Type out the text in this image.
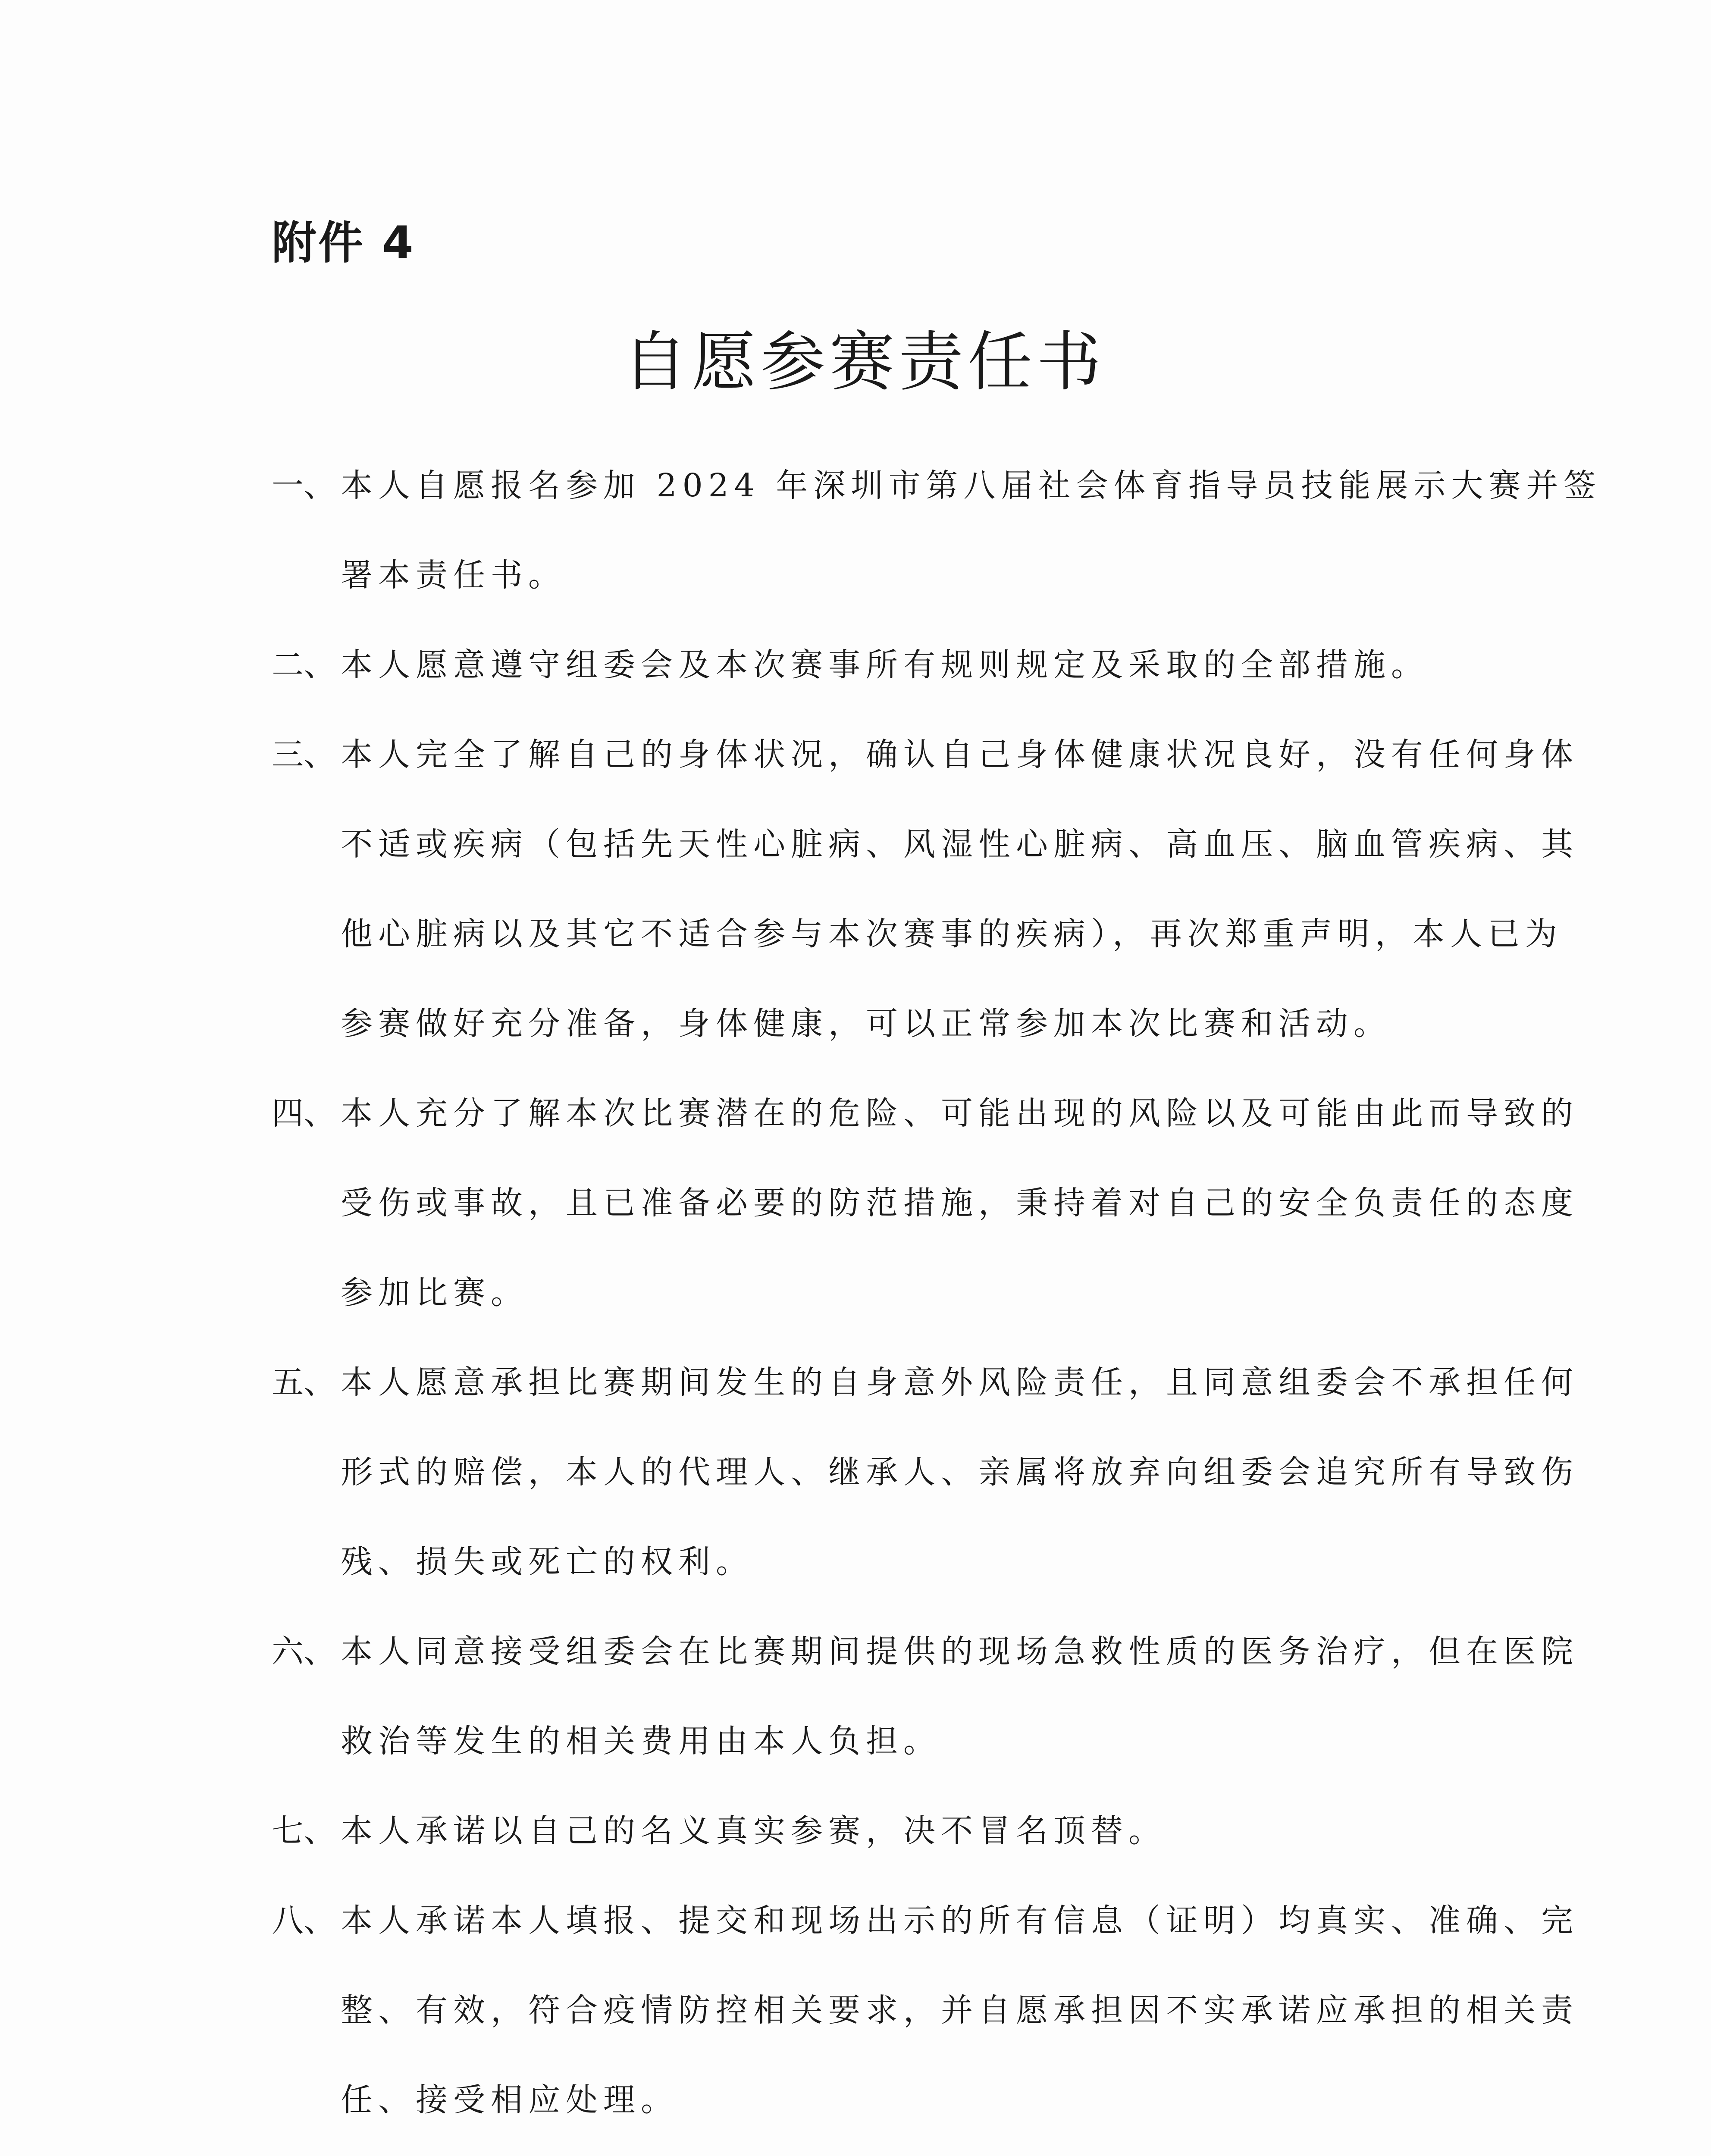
附件 4
自愿参赛责任书
一、 本人自愿报名参加 2024 年深圳市第八届社会体育指导员技能展示大赛并签
署本责任书。
二、 本人愿意遵守组委会及本次赛事所有规则规定及采取的全部措施。
三、 本人完全了解自己的身体状况，确认自己身体健康状况良好，没有任何身体
不适或疾病（包括先天性心脏病、风湿性心脏病、高血压、脑血管疾病、其
他心脏病以及其它不适合参与本次赛事的疾病），再次郑重声明，本人已为
参赛做好充分准备，身体健康，可以正常参加本次比赛和活动。
四、 本人充分了解本次比赛潜在的危险、可能出现的风险以及可能由此而导致的
受伤或事故，且已准备必要的防范措施，秉持着对自己的安全负责任的态度
参加比赛。
五、 本人愿意承担比赛期间发生的自身意外风险责任，且同意组委会不承担任何
形式的赔偿，本人的代理人、继承人、亲属将放弃向组委会追究所有导致伤
残、损失或死亡的权利。
六、 本人同意接受组委会在比赛期间提供的现场急救性质的医务治疗，但在医院
救治等发生的相关费用由本人负担。
七、 本人承诺以自己的名义真实参赛，决不冒名顶替。
八、 本人承诺本人填报、提交和现场出示的所有信息（证明）均真实、准确、完
整、有效，符合疫情防控相关要求，并自愿承担因不实承诺应承担的相关责
任、接受相应处理。
